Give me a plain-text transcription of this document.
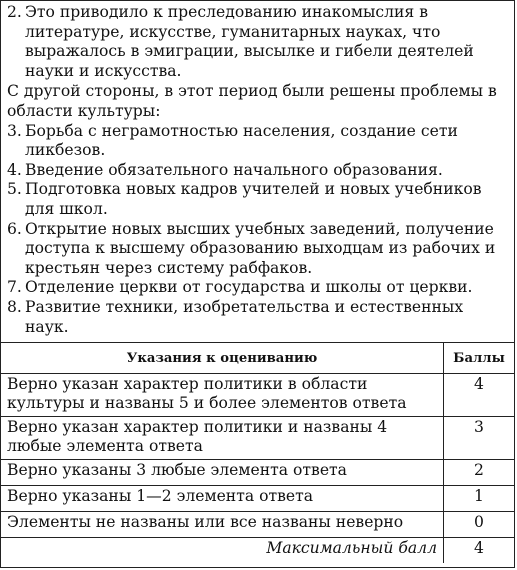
2. Это приводило к преследованию инакомыслия в литературе, искусстве, гуманитарных науках, что выражалось в эмиграции, высылке и гибели деятелей науки и искусства.
С другой стороны, в этот период были решены проблемы в области культуры:
3. Борьба с неграмотностью населения, создание сети ликбезов.
4. Введение обязательного начального образования.
5. Подготовка новых кадров учителей и новых учебников для школ.
6. Открытие новых высших учебных заведений, получение доступа к высшему образованию выходцам из рабочих и крестьян через систему рабфаков.
7. Отделение церкви от государства и школы от церкви.
8. Развитие техники, изобретательства и естественных наук.
Указания к оцениванию	Баллы
Верно указан характер политики в области культуры и названы 5 и более элементов ответа	4
Верно указан характер политики и названы 4 любые элемента ответа	3
Верно указаны 3 любые элемента ответа	2
Верно указаны 1—2 элемента ответа	1
Элементы не названы или все названы неверно	0
Максимальный балл	4
